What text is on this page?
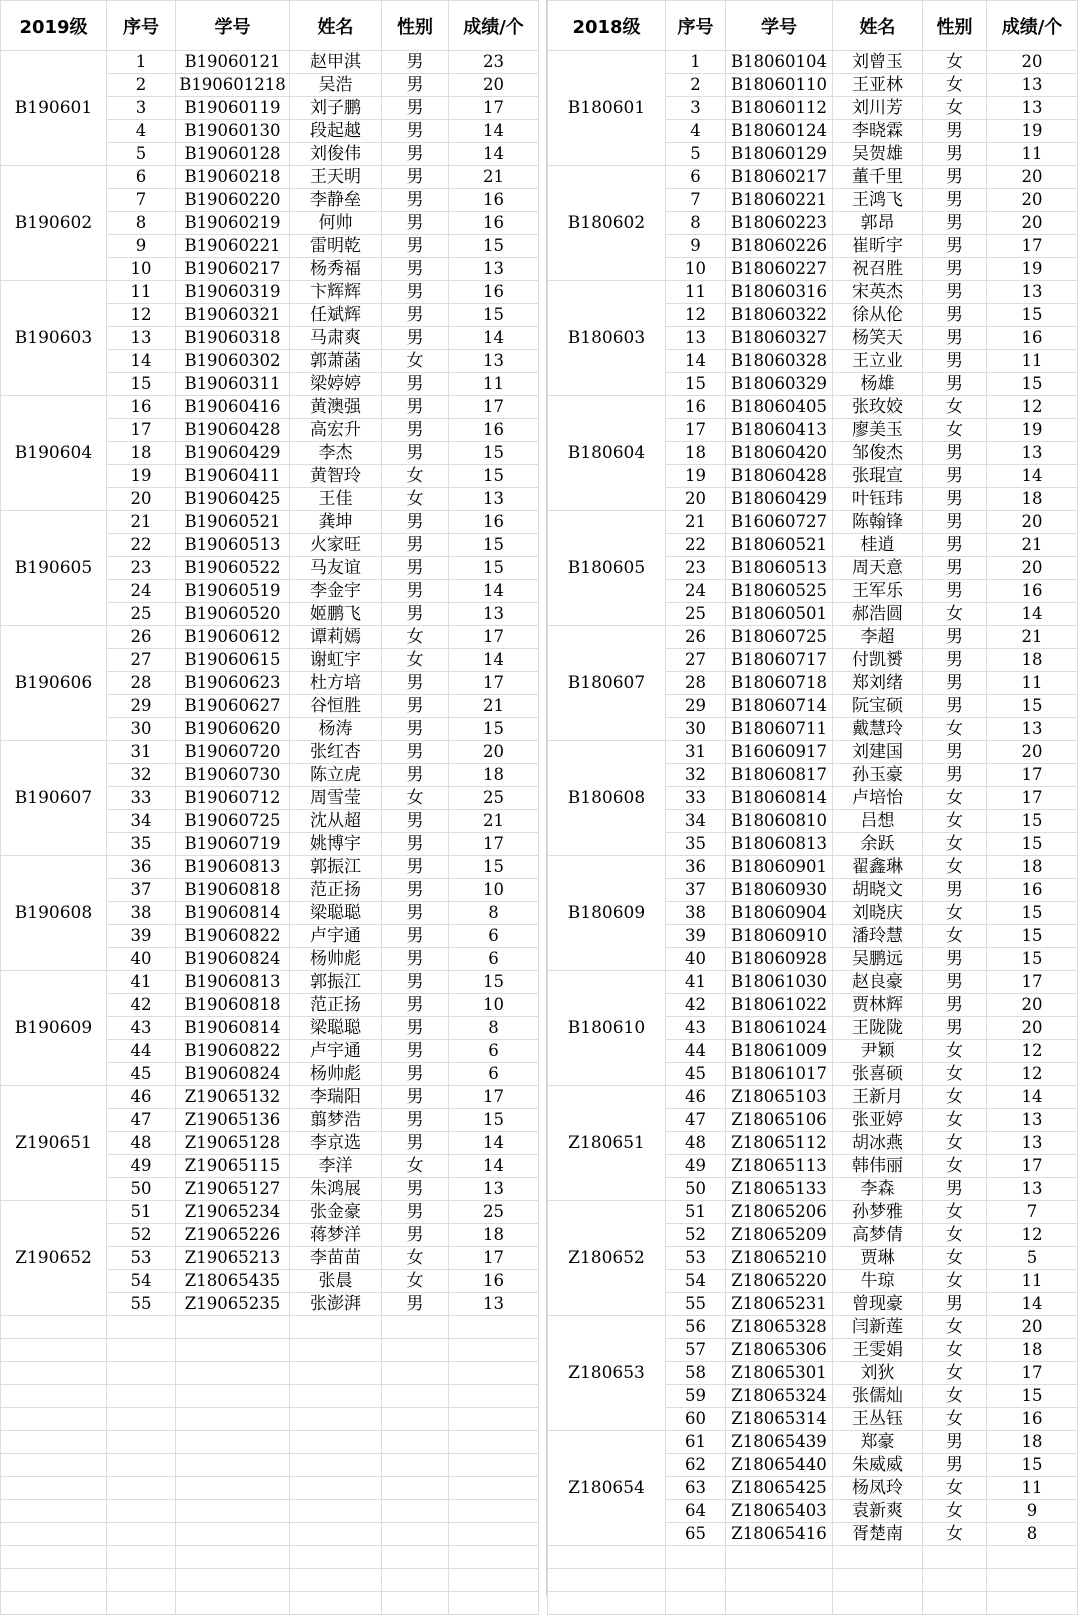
2019级	序号	学号	姓名	性别	成绩/个
B190601	1	B19060121	赵甲淇	男	23
	2	B190601218	吴浩	男	20
	3	B19060119	刘子鹏	男	17
	4	B19060130	段起越	男	14
	5	B19060128	刘俊伟	男	14
B190602	6	B19060218	王天明	男	21
	7	B19060220	李静垒	男	16
	8	B19060219	何帅	男	16
	9	B19060221	雷明乾	男	15
	10	B19060217	杨秀福	男	13
B190603	11	B19060319	卞辉辉	男	16
	12	B19060321	任斌辉	男	15
	13	B19060318	马肃爽	男	14
	14	B19060302	郭萧菡	女	13
	15	B19060311	梁婷婷	男	11
B190604	16	B19060416	黄澳强	男	17
	17	B19060428	高宏升	男	16
	18	B19060429	李杰	男	15
	19	B19060411	黄智玲	女	15
	20	B19060425	王佳	女	13
B190605	21	B19060521	龚坤	男	16
	22	B19060513	火家旺	男	15
	23	B19060522	马友谊	男	15
	24	B19060519	李金宇	男	14
	25	B19060520	姬鹏飞	男	13
B190606	26	B19060612	谭莉嫣	女	17
	27	B19060615	谢虹宇	女	14
	28	B19060623	杜方培	男	17
	29	B19060627	谷恒胜	男	21
	30	B19060620	杨涛	男	15
B190607	31	B19060720	张红杏	男	20
	32	B19060730	陈立虎	男	18
	33	B19060712	周雪莹	女	25
	34	B19060725	沈从超	男	21
	35	B19060719	姚博宇	男	17
B190608	36	B19060813	郭振江	男	15
	37	B19060818	范正扬	男	10
	38	B19060814	梁聪聪	男	8
	39	B19060822	卢宇通	男	6
	40	B19060824	杨帅彪	男	6
B190609	41	B19060813	郭振江	男	15
	42	B19060818	范正扬	男	10
	43	B19060814	梁聪聪	男	8
	44	B19060822	卢宇通	男	6
	45	B19060824	杨帅彪	男	6
Z190651	46	Z19065132	李瑞阳	男	17
	47	Z19065136	翦梦浩	男	15
	48	Z19065128	李京选	男	14
	49	Z19065115	李洋	女	14
	50	Z19065127	朱鸿展	男	13
Z190652	51	Z19065234	张金豪	男	25
	52	Z19065226	蒋梦洋	男	18
	53	Z19065213	李苗苗	女	17
	54	Z18065435	张晨	女	16
	55	Z19065235	张澎湃	男	13

2018级	序号	学号	姓名	性别	成绩/个
B180601	1	B18060104	刘曾玉	女	20
	2	B18060110	王亚林	女	13
	3	B18060112	刘川芳	女	13
	4	B18060124	李晓霖	男	19
	5	B18060129	吴贺雄	男	11
B180602	6	B18060217	董千里	男	20
	7	B18060221	王鸿飞	男	20
	8	B18060223	郭昂	男	20
	9	B18060226	崔昕宇	男	17
	10	B18060227	祝召胜	男	19
B180603	11	B18060316	宋英杰	男	13
	12	B18060322	徐从伦	男	15
	13	B18060327	杨笑天	男	16
	14	B18060328	王立业	男	11
	15	B18060329	杨雄	男	15
B180604	16	B18060405	张玫姣	女	12
	17	B18060413	廖美玉	女	19
	18	B18060420	邹俊杰	男	13
	19	B18060428	张琨宣	男	14
	20	B18060429	叶钰玮	男	18
B180605	21	B16060727	陈翰锋	男	20
	22	B18060521	桂逍	男	21
	23	B18060513	周天意	男	20
	24	B18060525	王军乐	男	16
	25	B18060501	郝浩圆	女	14
B180607	26	B18060725	李超	男	21
	27	B18060717	付凯赟	男	18
	28	B18060718	郑刘绪	男	11
	29	B18060714	阮宝硕	男	15
	30	B18060711	戴慧玲	女	13
B180608	31	B16060917	刘建国	男	20
	32	B18060817	孙玉豪	男	17
	33	B18060814	卢培怡	女	17
	34	B18060810	吕想	女	15
	35	B18060813	余跃	女	15
B180609	36	B18060901	翟鑫琳	女	18
	37	B18060930	胡晓文	男	16
	38	B18060904	刘晓庆	女	15
	39	B18060910	潘玲慧	女	15
	40	B18060928	吴鹏远	男	15
B180610	41	B18061030	赵良豪	男	17
	42	B18061022	贾林辉	男	20
	43	B18061024	王陇陇	男	20
	44	B18061009	尹颖	女	12
	45	B18061017	张喜硕	女	12
Z180651	46	Z18065103	王新月	女	14
	47	Z18065106	张亚婷	女	13
	48	Z18065112	胡冰燕	女	13
	49	Z18065113	韩伟丽	女	17
	50	Z18065133	李森	男	13
Z180652	51	Z18065206	孙梦雅	女	7
	52	Z18065209	高梦倩	女	12
	53	Z18065210	贾琳	女	5
	54	Z18065220	牛琼	女	11
	55	Z18065231	曾现豪	男	14
Z180653	56	Z18065328	闫新莲	女	20
	57	Z18065306	王雯娟	女	18
	58	Z18065301	刘狄	女	17
	59	Z18065324	张儒灿	女	15
	60	Z18065314	王丛钰	女	16
Z180654	61	Z18065439	郑豪	男	18
	62	Z18065440	朱威威	男	15
	63	Z18065425	杨凤玲	女	11
	64	Z18065403	袁新爽	女	9
	65	Z18065416	胥楚南	女	8
